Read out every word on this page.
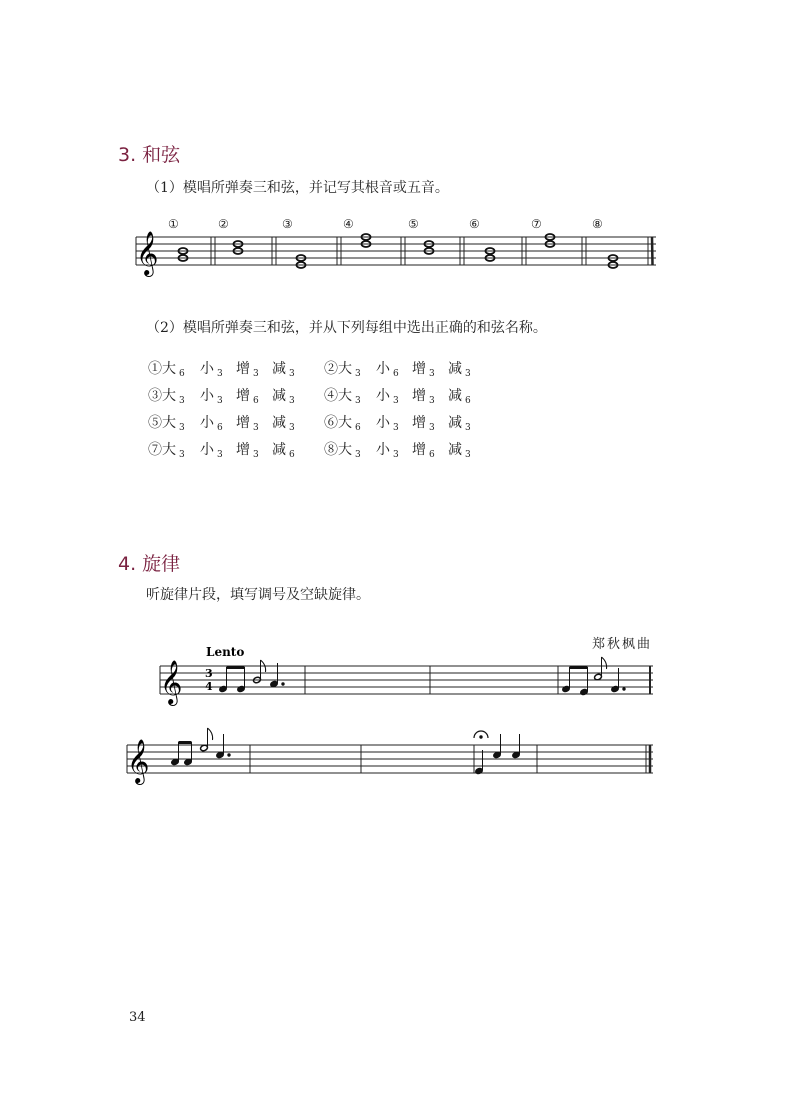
3. 和弦
（1）模唱所弹奏三和弦，并记写其根音或五音。
𝄞
①	②	③	④	⑤	⑥	⑦	⑧
（2）模唱所弹奏三和弦，并从下列每组中选出正确的和弦名称。
①大 $_6$ 小 $_3$ 增 $_3$ 减 $_3$ ②大 $_3$ 小 $_6$ 增 $_3$ 减 $_3$
③大 $_3$ 小 $_3$ 增 $_6$ 减 $_3$ ④大 $_3$ 小 $_3$ 增 $_3$ 减 $_6$
⑤大 $_3$ 小 $_6$ 增 $_3$ 减 $_3$ ⑥大 $_6$ 小 $_3$ 增 $_3$ 减 $_3$
⑦大 $_3$ 小 $_3$ 增 $_3$ 减 $_6$ ⑧大 $_3$ 小 $_3$ 增 $_6$ 减 $_3$
4. 旋律
听旋律片段，填写调号及空缺旋律。
郑秋枫曲
Lento
𝄞 3
4
𝄞
34
